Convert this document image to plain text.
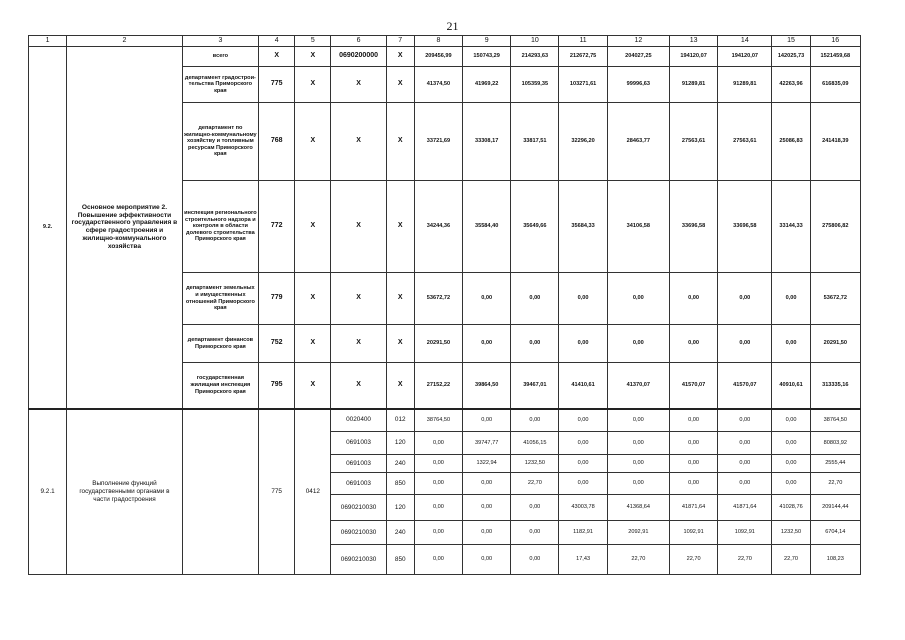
21
1	2	3	4	5	6	7	8	9	10	11	12	13	14	15	16
9.2.	Основное мероприятие 2. Повышение эффективности государственного управления в сфере градостроения и жилищно-коммунального хозяйства	всего	X	X	0690200000	X	209456,99	150743,29	214293,63	212672,75	204027,25	194120,07	194120,07	142025,73	1521459,68
		департамент градострои-тельства Приморского края	775	X	X	X	41374,50	41969,22	105359,35	103271,61	99996,63	91289,81	91289,81	42263,96	616835,09
		департамент по жилищно-коммунальному хозяйству и топливным ресурсам Приморского края	768	X	X	X	33721,69	33308,17	33817,51	32296,20	28463,77	27563,61	27563,61	25086,83	241418,39
		инспекция регионального строительного надзора и контроля в области долевого строительства Приморского края	772	X	X	X	34244,36	35584,40	35649,66	35684,33	34106,58	33696,58	33696,58	33144,33	275806,82
		департамент земельных и имущественных отношений Приморского края	779	X	X	X	53672,72	0,00	0,00	0,00	0,00	0,00	0,00	0,00	53672,72
		департамент финансов Приморского края	752	X	X	X	20291,50	0,00	0,00	0,00	0,00	0,00	0,00	0,00	20291,50
		государственная жилищная инспекция Приморского края	795	X	X	X	27152,22	39864,50	39467,01	41410,61	41370,07	41570,07	41570,07	40910,61	313335,16
9.2.1	Выполнение функций государственными органами в части градостроения		775	0412	0020400	012	38764,50	0,00	0,00	0,00	0,00	0,00	0,00	0,00	38764,50
					0691003	120	0,00	39747,77	41056,15	0,00	0,00	0,00	0,00	0,00	80803,92
					0691003	240	0,00	1322,94	1232,50	0,00	0,00	0,00	0,00	0,00	2555,44
					0691003	850	0,00	0,00	22,70	0,00	0,00	0,00	0,00	0,00	22,70
					0690210030	120	0,00	0,00	0,00	43003,78	41368,64	41871,64	41871,64	41028,76	209144,44
					0690210030	240	0,00	0,00	0,00	1182,91	2092,91	1092,91	1092,91	1232,50	6704,14
					0690210030	850	0,00	0,00	0,00	17,43	22,70	22,70	22,70	22,70	108,23
